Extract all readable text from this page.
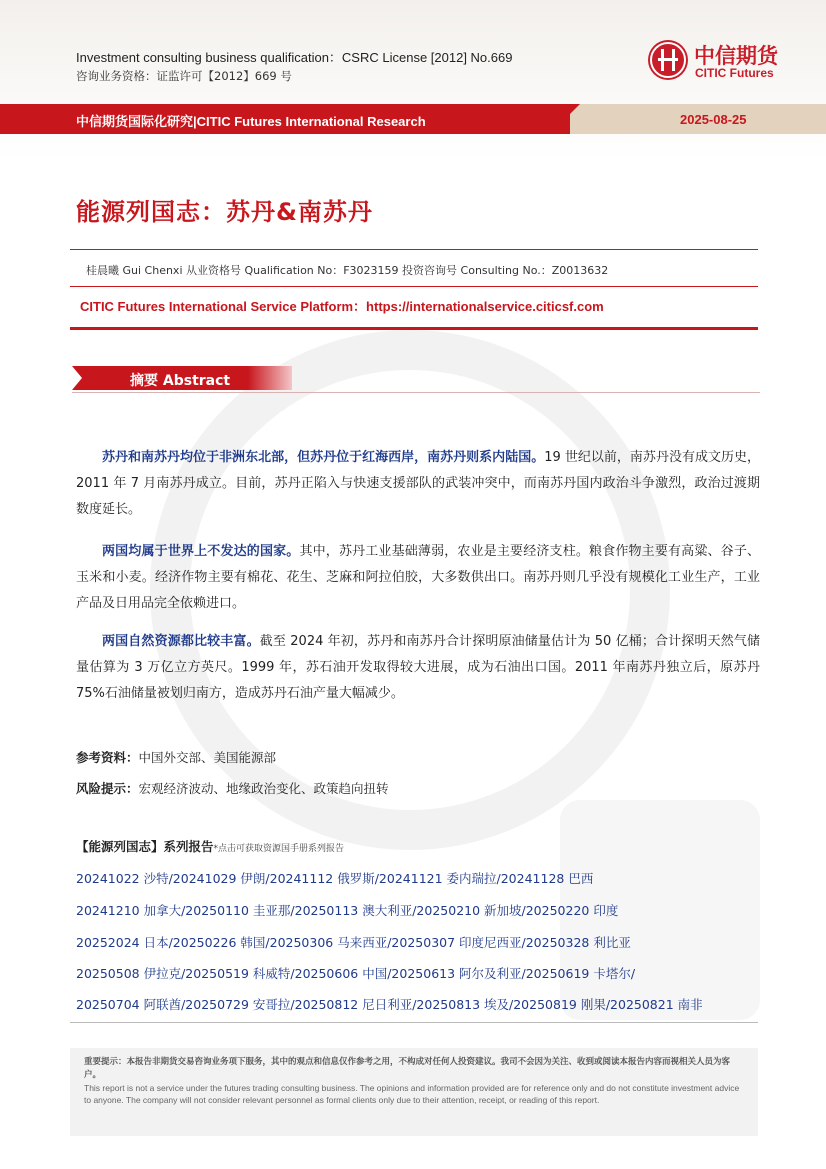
Investment consulting business qualification：CSRC License [2012] No.669
咨询业务资格：证监许可【2012】669 号
中信期货
CITIC Futures
中信期货国际化研究|CITIC Futures International Research	2025-08-25
能源列国志：苏丹&南苏丹
桂晨曦 Gui Chenxi 从业资格号 Qualification No：F3023159 投资咨询号 Consulting No.：Z0013632
CITIC Futures International Service Platform：https://internationalservice.citicsf.com
摘要 Abstract
苏丹和南苏丹均位于非洲东北部，但苏丹位于红海西岸，南苏丹则系内陆国。19 世纪以前，南苏丹没有成文历史，2011 年 7 月南苏丹成立。目前，苏丹正陷入与快速支援部队的武装冲突中，而南苏丹国内政治斗争激烈，政治过渡期数度延长。
两国均属于世界上不发达的国家。其中，苏丹工业基础薄弱，农业是主要经济支柱。粮食作物主要有高粱、谷子、玉米和小麦。经济作物主要有棉花、花生、芝麻和阿拉伯胶，大多数供出口。南苏丹则几乎没有规模化工业生产，工业产品及日用品完全依赖进口。
两国自然资源都比较丰富。截至 2024 年初，苏丹和南苏丹合计探明原油储量估计为 50 亿桶；合计探明天然气储量估算为 3 万亿立方英尺。1999 年，苏石油开发取得较大进展，成为石油出口国。2011 年南苏丹独立后，原苏丹 75%石油储量被划归南方，造成苏丹石油产量大幅减少。
参考资料：中国外交部、美国能源部
风险提示：宏观经济波动、地缘政治变化、政策趋向扭转
【能源列国志】系列报告*点击可获取资源国手册系列报告
20241022 沙特/20241029 伊朗/20241112 俄罗斯/20241121 委内瑞拉/20241128 巴西
20241210 加拿大/20250110 圭亚那/20250113 澳大利亚/20250210 新加坡/20250220 印度
20252024 日本/20250226 韩国/20250306 马来西亚/20250307 印度尼西亚/20250328 利比亚
20250508 伊拉克/20250519 科威特/20250606 中国/20250613 阿尔及利亚/20250619 卡塔尔/
20250704 阿联酋/20250729 安哥拉/20250812 尼日利亚/20250813 埃及/20250819 刚果/20250821 南非
重要提示：本报告非期货交易咨询业务项下服务，其中的观点和信息仅作参考之用，不构成对任何人投资建议。我司不会因为关注、收到或阅读本报告内容而视相关人员为客户。
This report is not a service under the futures trading consulting business. The opinions and information provided are for reference only and do not constitute investment advice to anyone. The company will not consider relevant personnel as formal clients only due to their attention, receipt, or reading of this report.
